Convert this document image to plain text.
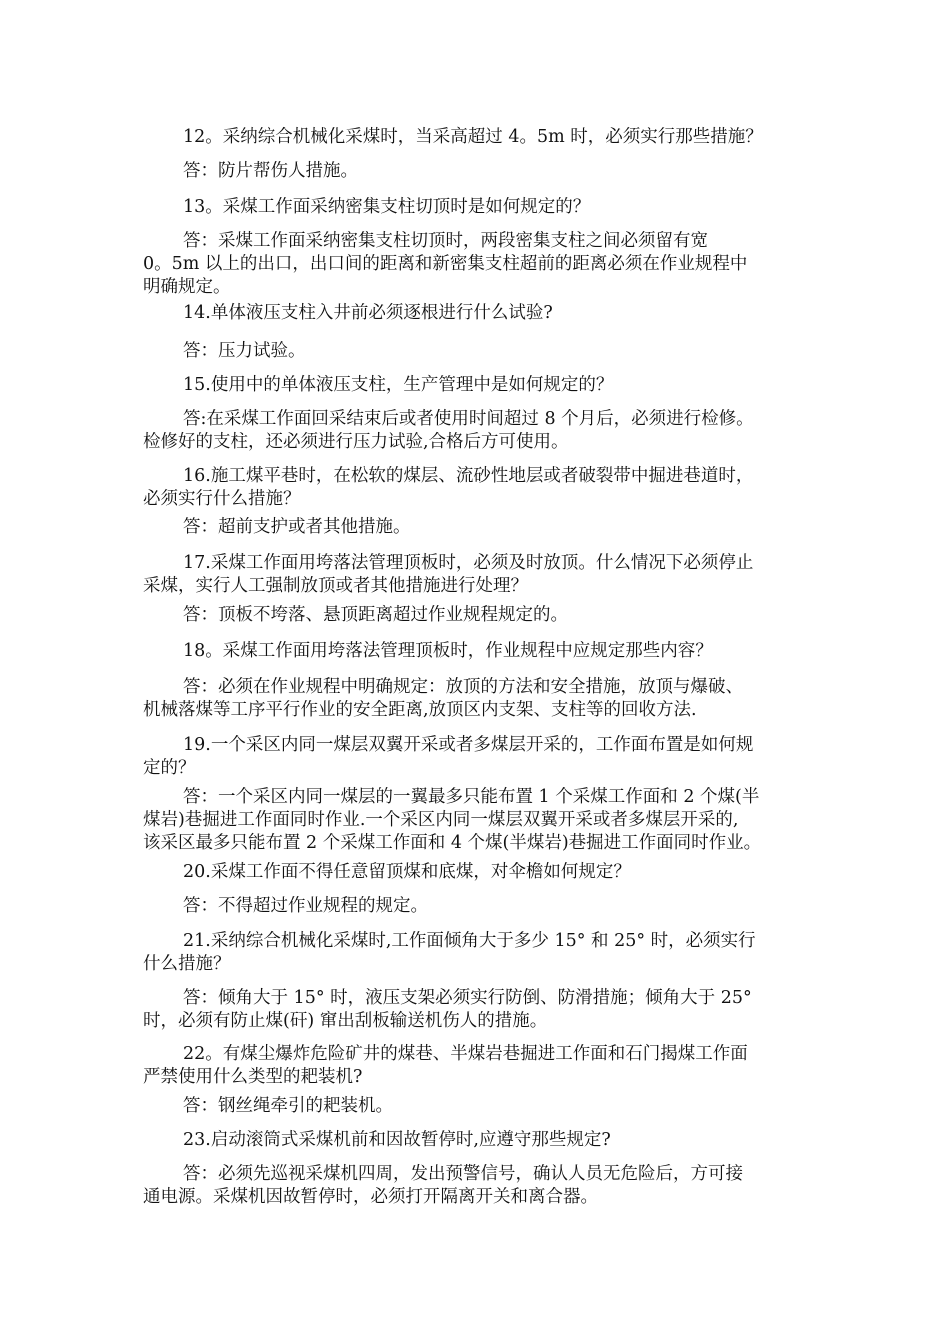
12。采纳综合机械化采煤时，当采高超过 4。5m 时，必须实行那些措施？
答：防片帮伤人措施。
13。采煤工作面采纳密集支柱切顶时是如何规定的？
答：采煤工作面采纳密集支柱切顶时，两段密集支柱之间必须留有宽
0。5m 以上的出口，出口间的距离和新密集支柱超前的距离必须在作业规程中
明确规定。
14.单体液压支柱入井前必须逐根进行什么试验?
答：压力试验。
15.使用中的单体液压支柱，生产管理中是如何规定的？
答:在采煤工作面回采结束后或者使用时间超过 8 个月后，必须进行检修。
检修好的支柱，还必须进行压力试验,合格后方可使用。
16.施工煤平巷时，在松软的煤层、流砂性地层或者破裂带中掘进巷道时，
必须实行什么措施？
答：超前支护或者其他措施。
17.采煤工作面用垮落法管理顶板时，必须及时放顶。什么情况下必须停止
采煤，实行人工强制放顶或者其他措施进行处理？
答：顶板不垮落、悬顶距离超过作业规程规定的。
18。采煤工作面用垮落法管理顶板时，作业规程中应规定那些内容？
答：必须在作业规程中明确规定：放顶的方法和安全措施，放顶与爆破、
机械落煤等工序平行作业的安全距离,放顶区内支架、支柱等的回收方法.
19.一个采区内同一煤层双翼开采或者多煤层开采的，工作面布置是如何规
定的？
答：一个采区内同一煤层的一翼最多只能布置 1 个采煤工作面和 2 个煤(半
煤岩)巷掘进工作面同时作业.一个采区内同一煤层双翼开采或者多煤层开采的,
该采区最多只能布置 2 个采煤工作面和 4 个煤(半煤岩)巷掘进工作面同时作业。
20.采煤工作面不得任意留顶煤和底煤，对伞檐如何规定？
答：不得超过作业规程的规定。
21.采纳综合机械化采煤时,工作面倾角大于多少 15° 和 25° 时，必须实行
什么措施？
答：倾角大于 15° 时，液压支架必须实行防倒、防滑措施；倾角大于 25°
时，必须有防止煤(矸) 窜出刮板输送机伤人的措施。
22。有煤尘爆炸危险矿井的煤巷、半煤岩巷掘进工作面和石门揭煤工作面
严禁使用什么类型的耙装机?
答：钢丝绳牵引的耙装机。
23.启动滚筒式采煤机前和因故暂停时,应遵守那些规定?
答：必须先巡视采煤机四周，发出预警信号，确认人员无危险后，方可接
通电源。采煤机因故暂停时，必须打开隔离开关和离合器。
